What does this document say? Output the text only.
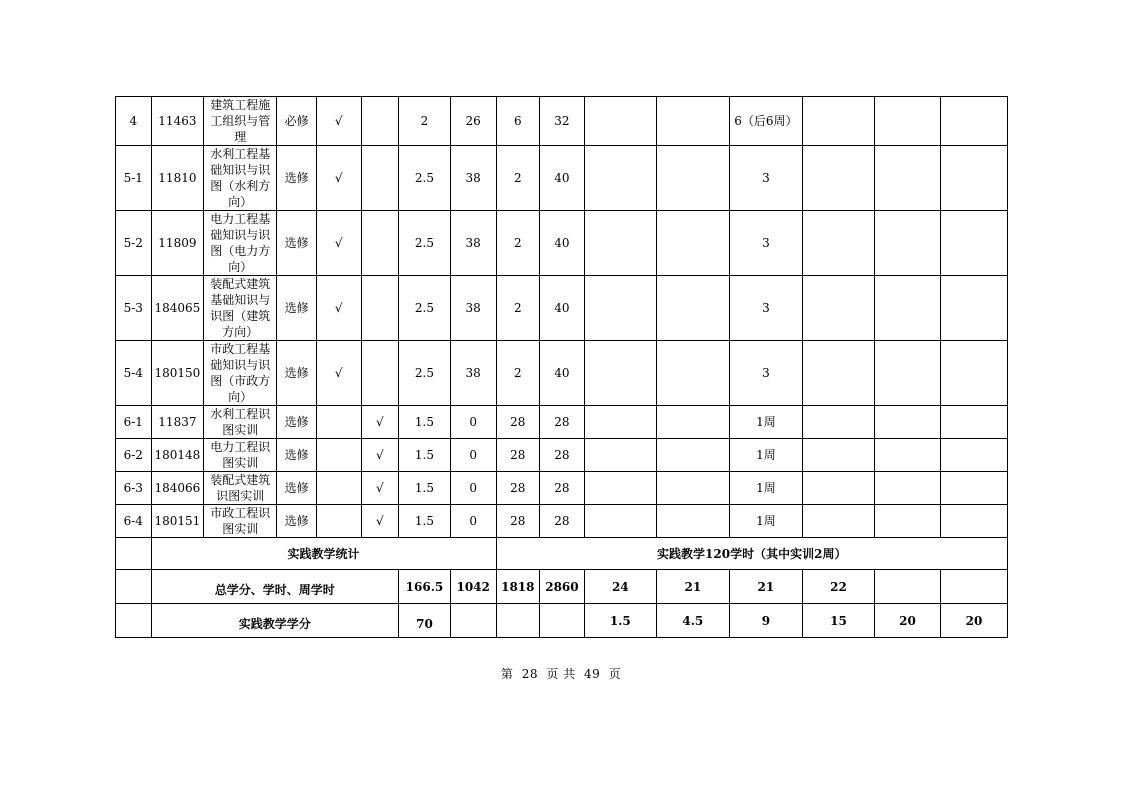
4	11463	建筑工程施工组织与管理	必修	√		2	26	6	32			6（后6周）			
5-1	11810	水利工程基础知识与识图（水利方向）	选修	√		2.5	38	2	40			3			
5-2	11809	电力工程基础知识与识图（电力方向）	选修	√		2.5	38	2	40			3			
5-3	184065	装配式建筑基础知识与识图（建筑方向）	选修	√		2.5	38	2	40			3			
5-4	180150	市政工程基础知识与识图（市政方向）	选修	√		2.5	38	2	40			3			
6-1	11837	水利工程识图实训	选修		√	1.5	0	28	28			1周			
6-2	180148	电力工程识图实训	选修		√	1.5	0	28	28			1周			
6-3	184066	装配式建筑识图实训	选修		√	1.5	0	28	28			1周			
6-4	180151	市政工程识图实训	选修		√	1.5	0	28	28			1周			
	实践教学统计							实践教学120学时（其中实训2周）							
	总学分、学时、周学时					166.5	1042	1818	2860	24	21	21	22		
	实践教学学分					70				1.5	4.5	9	15	20	20
第 28 页 共 49 页
